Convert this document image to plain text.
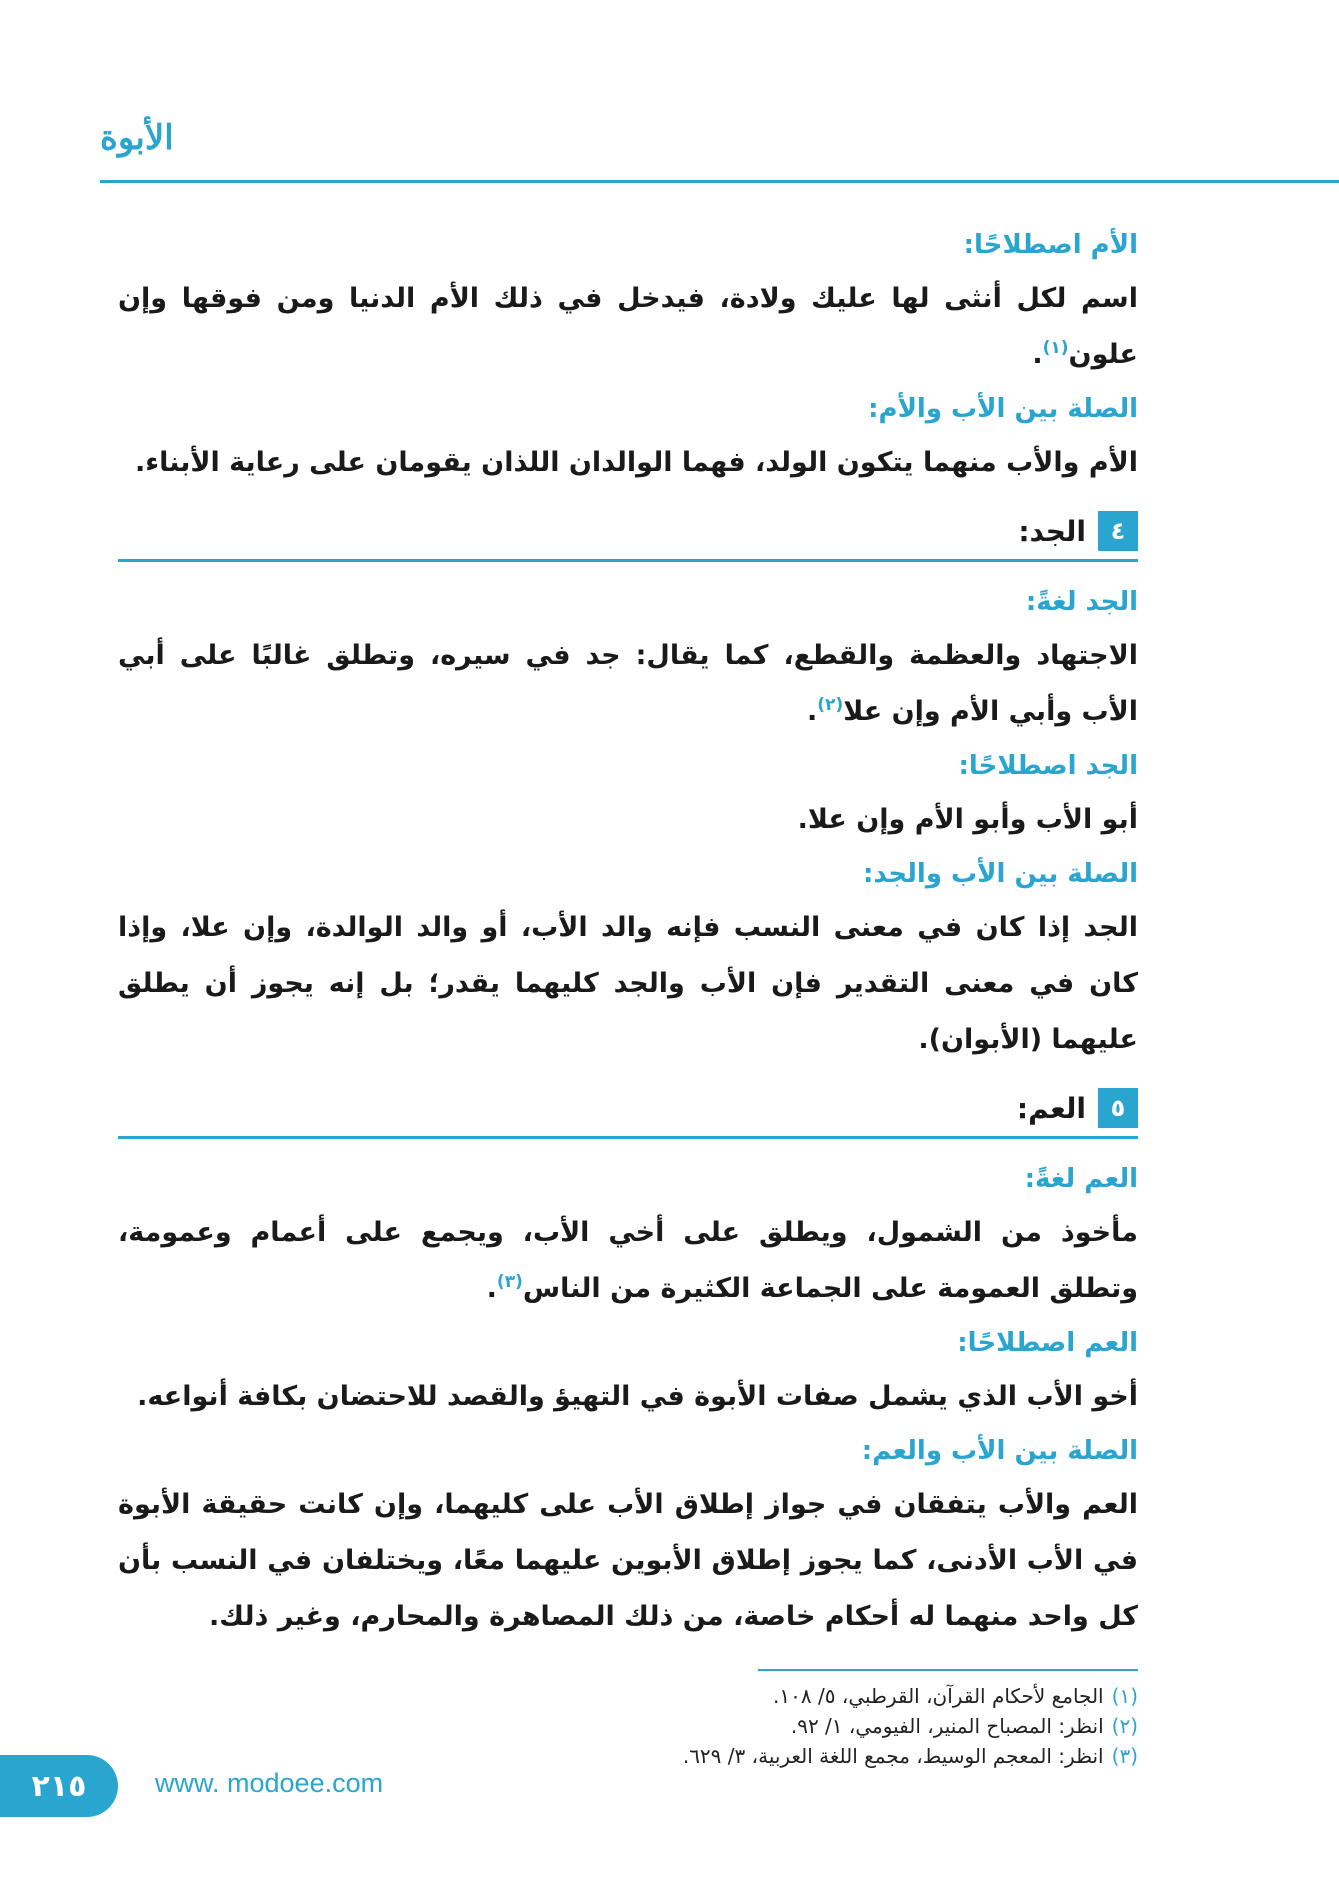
الأبوة
الأم اصطلاحًا:

اسم لكل أنثى لها عليك ولادة، فيدخل في ذلك الأم الدنيا ومن فوقها وإن علون$^{(١)}$.

الصلة بين الأب والأم:

الأم والأب منهما يتكون الولد، فهما الوالدان اللذان يقومان على رعاية الأبناء.

٤
الجد:
الجد لغةً:

الاجتهاد والعظمة والقطع، كما يقال: جد في سيره، وتطلق غالبًا على أبي الأب وأبي الأم وإن علا$^{(٢)}$.

الجد اصطلاحًا:

أبو الأب وأبو الأم وإن علا.

الصلة بين الأب والجد:

الجد إذا كان في معنى النسب فإنه والد الأب، أو والد الوالدة، وإن علا، وإذا كان في معنى التقدير فإن الأب والجد كليهما يقدر؛ بل إنه يجوز أن يطلق عليهما (الأبوان).

٥
العم:
العم لغةً:

مأخوذ من الشمول، ويطلق على أخي الأب، ويجمع على أعمام وعمومة، وتطلق العمومة على الجماعة الكثيرة من الناس$^{(٣)}$.

العم اصطلاحًا:

أخو الأب الذي يشمل صفات الأبوة في التهيؤ والقصد للاحتضان بكافة أنواعه.

الصلة بين الأب والعم:

العم والأب يتفقان في جواز إطلاق الأب على كليهما، وإن كانت حقيقة الأبوة في الأب الأدنى، كما يجوز إطلاق الأبوين عليهما معًا، ويختلفان في النسب بأن كل واحد منهما له أحكام خاصة، من ذلك المصاهرة والمحارم، وغير ذلك.

(١)الجامع لأحكام القرآن، القرطبي، ٥/ ١٠٨.

(٢)انظر: المصباح المنير، الفيومي، ١/ ٩٢.

(٣)انظر: المعجم الوسيط، مجمع اللغة العربية، ٣/ ٦٢٩.

٢١٥	www. modoee.com
